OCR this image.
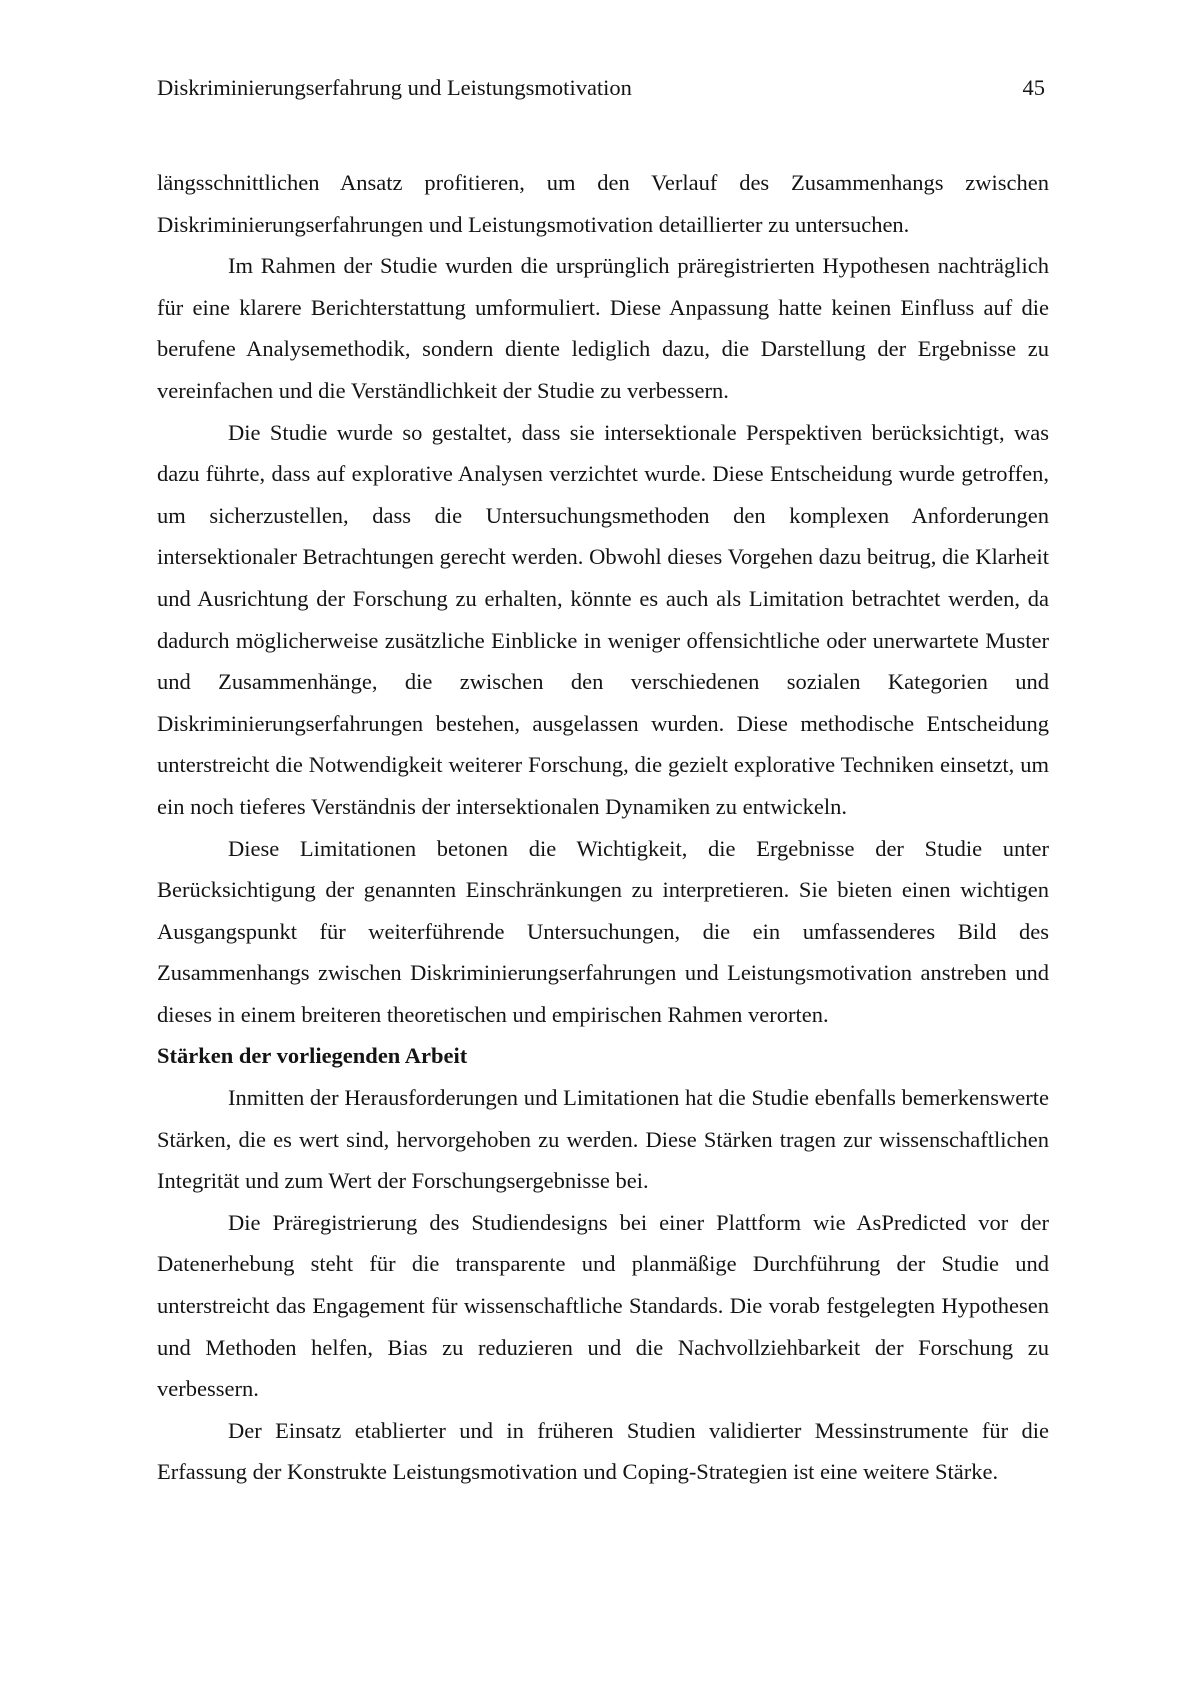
Diskriminierungserfahrung und Leistungsmotivation	45

längsschnittlichen Ansatz profitieren, um den Verlauf des Zusammenhangs zwischen Diskriminierungserfahrungen und Leistungsmotivation detaillierter zu untersuchen.

Im Rahmen der Studie wurden die ursprünglich präregistrierten Hypothesen nachträglich für eine klarere Berichterstattung umformuliert. Diese Anpassung hatte keinen Einfluss auf die berufene Analysemethodik, sondern diente lediglich dazu, die Darstellung der Ergebnisse zu vereinfachen und die Verständlichkeit der Studie zu verbessern.

Die Studie wurde so gestaltet, dass sie intersektionale Perspektiven berücksichtigt, was dazu führte, dass auf explorative Analysen verzichtet wurde. Diese Entscheidung wurde getroffen, um sicherzustellen, dass die Untersuchungsmethoden den komplexen Anforderungen intersektionaler Betrachtungen gerecht werden. Obwohl dieses Vorgehen dazu beitrug, die Klarheit und Ausrichtung der Forschung zu erhalten, könnte es auch als Limitation betrachtet werden, da dadurch möglicherweise zusätzliche Einblicke in weniger offensichtliche oder unerwartete Muster und Zusammenhänge, die zwischen den verschiedenen sozialen Kategorien und Diskriminierungserfahrungen bestehen, ausgelassen wurden. Diese methodische Entscheidung unterstreicht die Notwendigkeit weiterer Forschung, die gezielt explorative Techniken einsetzt, um ein noch tieferes Verständnis der intersektionalen Dynamiken zu entwickeln.

Diese Limitationen betonen die Wichtigkeit, die Ergebnisse der Studie unter Berücksichtigung der genannten Einschränkungen zu interpretieren. Sie bieten einen wichtigen Ausgangspunkt für weiterführende Untersuchungen, die ein umfassenderes Bild des Zusammenhangs zwischen Diskriminierungserfahrungen und Leistungsmotivation anstreben und dieses in einem breiteren theoretischen und empirischen Rahmen verorten.

Stärken der vorliegenden Arbeit

Inmitten der Herausforderungen und Limitationen hat die Studie ebenfalls bemerkenswerte Stärken, die es wert sind, hervorgehoben zu werden. Diese Stärken tragen zur wissenschaftlichen Integrität und zum Wert der Forschungsergebnisse bei.

Die Präregistrierung des Studiendesigns bei einer Plattform wie AsPredicted vor der Datenerhebung steht für die transparente und planmäßige Durchführung der Studie und unterstreicht das Engagement für wissenschaftliche Standards. Die vorab festgelegten Hypothesen und Methoden helfen, Bias zu reduzieren und die Nachvollziehbarkeit der Forschung zu verbessern.

Der Einsatz etablierter und in früheren Studien validierter Messinstrumente für die Erfassung der Konstrukte Leistungsmotivation und Coping-Strategien ist eine weitere Stärke.
